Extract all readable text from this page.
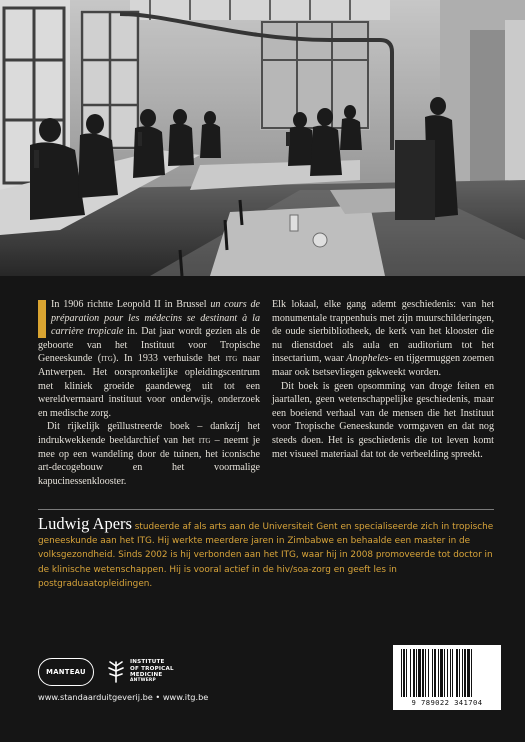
In 1906 richtte Leopold II in Brussel un cours de préparation pour les médecins se destinant à la carrière tropicale in. Dat jaar wordt gezien als de geboorte van het Instituut voor Tropische Geneeskunde (itg). In 1933 verhuisde het itg naar Antwerpen. Het oorspronkelijke opleidingscentrum met kliniek groeide gaandeweg uit tot een wereldvermaard instituut voor onderwijs, onderzoek en medische zorg.

Dit rijkelijk geïllustreerde boek – dankzij het indrukwekkende beeldarchief van het itg – neemt je mee op een wandeling door de tuinen, het iconische art-decogebouw en het voormalige kapucinessenklooster.

Elk lokaal, elke gang ademt geschiedenis: van het monumentale trappenhuis met zijn muurschilderingen, de oude sierbibliotheek, de kerk van het klooster die nu dienstdoet als aula en auditorium tot het insectarium, waar Anopheles- en tijgermuggen zoemen maar ook tsetsevliegen gekweekt worden.

Dit boek is geen opsomming van droge feiten en jaartallen, geen wetenschappelijke geschiedenis, maar een boeiend verhaal van de mensen die het Instituut voor Tropische Geneeskunde vormgaven en dat nog steeds doen. Het is geschiedenis die tot leven komt met visueel materiaal dat tot de verbeelding spreekt.

Ludwig Apers studeerde af als arts aan de Universiteit Gent en specialiseerde zich in tropische geneeskunde aan het ITG. Hij werkte meerdere jaren in Zimbabwe en behaalde een master in de volksgezondheid. Sinds 2002 is hij verbonden aan het ITG, waar hij in 2008 promoveerde tot doctor in de klinische wetenschappen. Hij is vooral actief in de hiv/soa-zorg en geeft les in postgraduaatopleidingen.
MANTEAU
INSTITUTE
OF TROPICAL
MEDICINE
ANTWERP
www.standaarduitgeverij.be • www.itg.be
9 789022 341704
